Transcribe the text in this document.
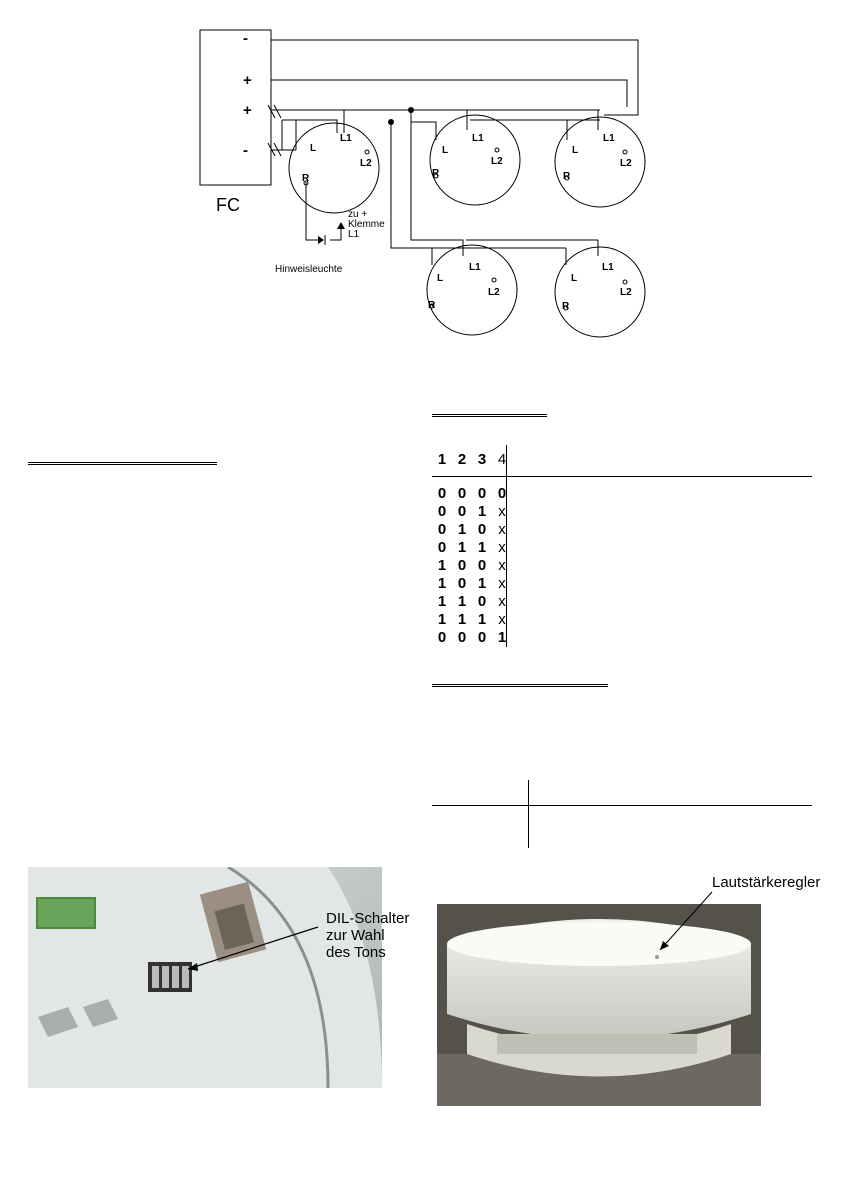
-
+
+
-
FC
L1
L
L2
R
L1
L
L2
R
L1
L
L2
R
L1
L
L2
R
L1
L
L2
R
zu +
Klemme
L1
Hinweisleuchte
1 2 3 4
0 0 0 0
0 0 1 x
0 1 0 x
0 1 1 x
1 0 0 x
1 0 1 x
1 1 0 x
1 1 1 x
0 0 0 1
DIL-Schalter
zur Wahl
des Tons
Lautstärkeregler
